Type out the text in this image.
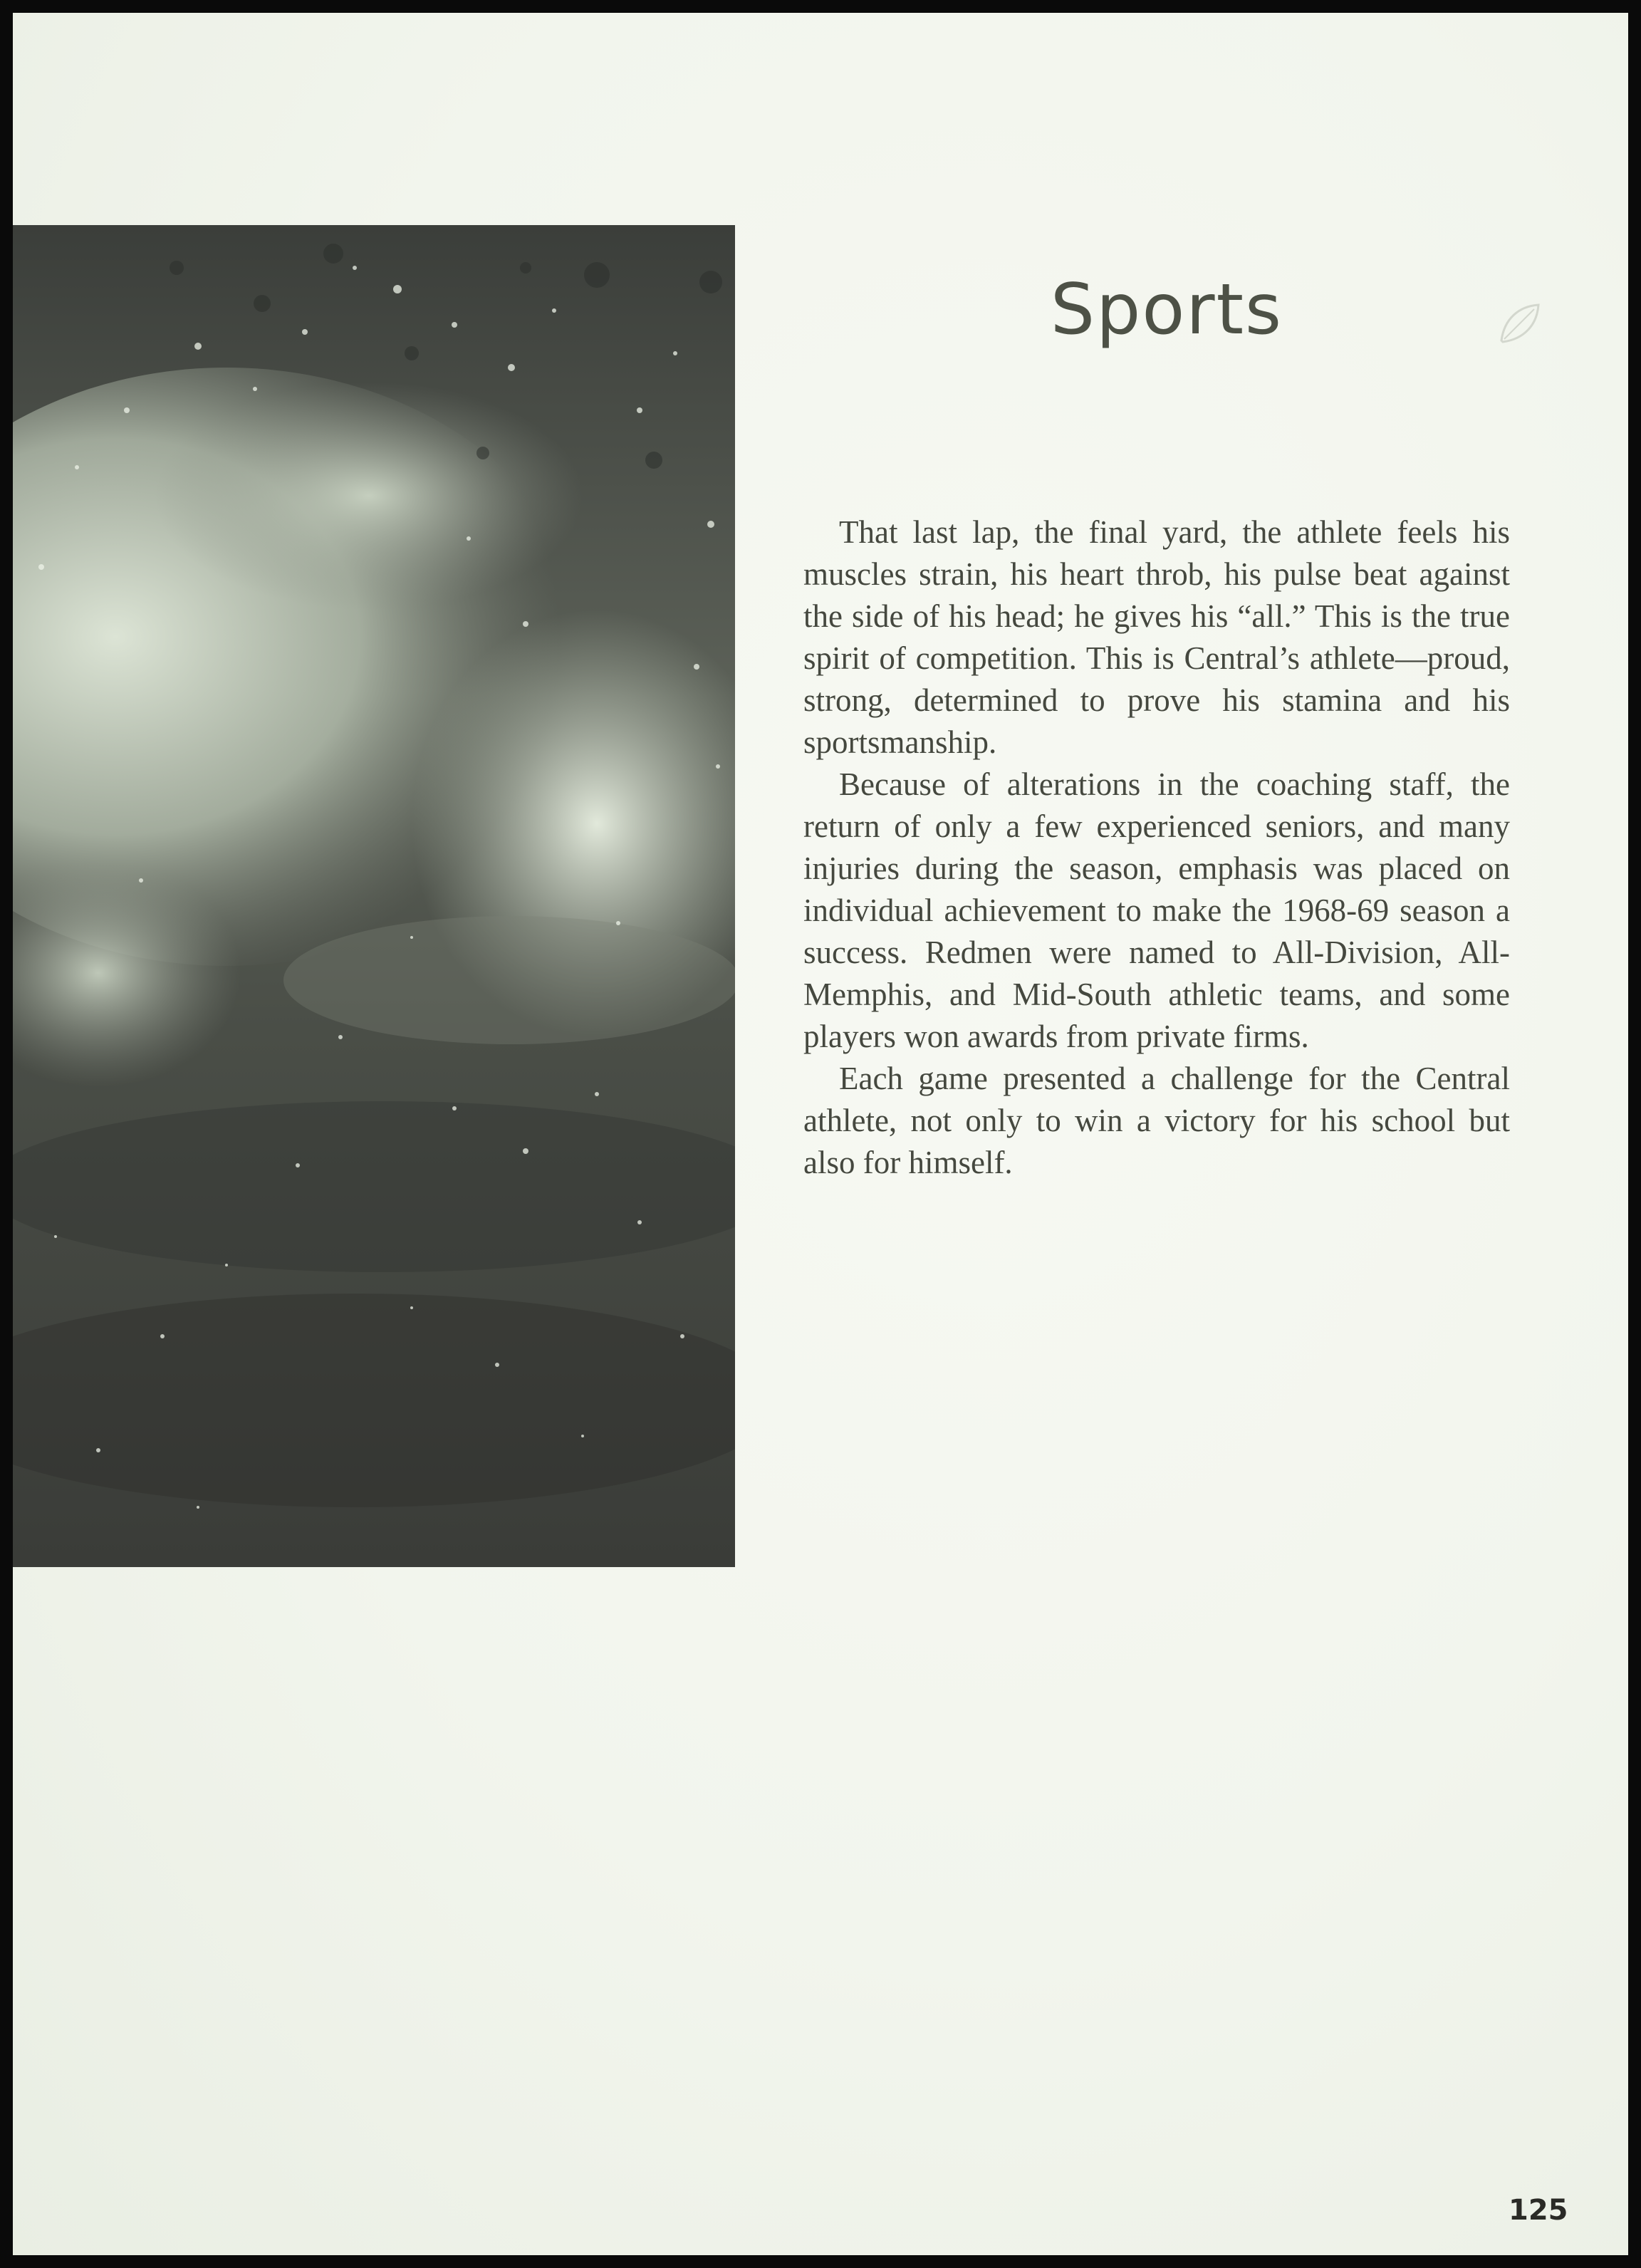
Sports

That last lap, the final yard, the athlete feels his muscles strain, his heart throb, his pulse beat against the side of his head; he gives his “all.” This is the true spirit of competition. This is Central’s athlete—proud, strong, determined to prove his stamina and his sportsmanship.

Because of alterations in the coaching staff, the return of only a few experienced seniors, and many injuries during the season, emphasis was placed on individual achievement to make the 1968-69 season a success. Redmen were named to All-Division, All-Memphis, and Mid-South athletic teams, and some players won awards from private firms.

Each game presented a challenge for the Central athlete, not only to win a victory for his school but also for himself.

125
